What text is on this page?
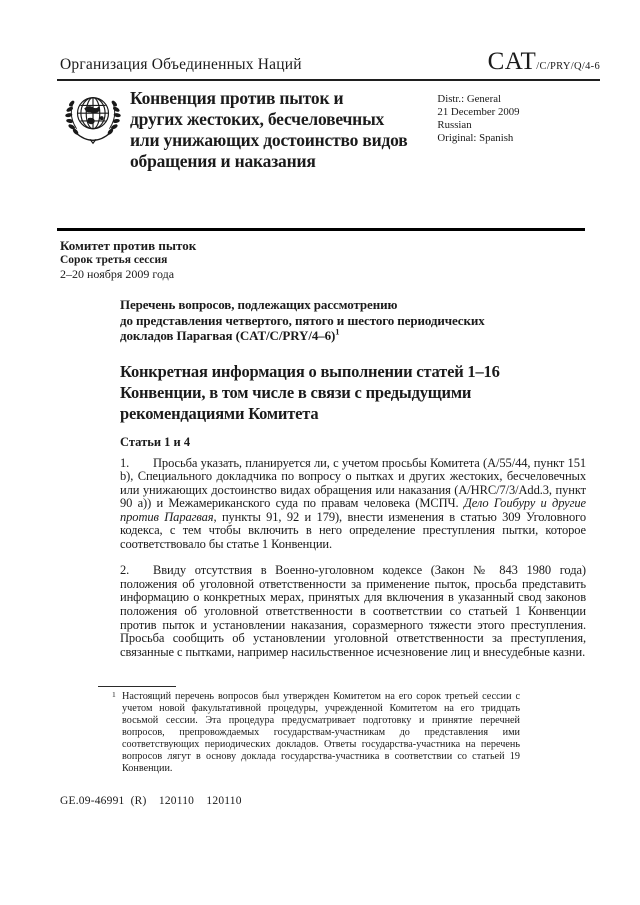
Организация Объединенных Наций	CAT/C/PRY/Q/4-6
Конвенция против пыток и
других жестоких, бесчеловечных
или унижающих достоинство видов
обращения и наказания
Distr.: General
21 December 2009
Russian
Original: Spanish
Комитет против пыток
Сорок третья сессия
2–20 ноября 2009 года
Перечень вопросов, подлежащих рассмотрению
до представления четвертого, пятого и шестого периодических
докладов Парагвая (CAT/C/PRY/4–6)$^1$
Конкретная информация о выполнении статей 1–16
Конвенции, в том числе в связи с предыдущими
рекомендациями Комитета
Статьи 1 и 4

1. Просьба указать, планируется ли, с учетом просьбы Комитета (A/55/44, пункт 151 b), Специального докладчика по вопросу о пытках и других жестоких, бесчеловечных или унижающих достоинство видах обращения или наказания (A/HRC/7/3/Add.3, пункт 90 a)) и Межамериканского суда по правам человека (МСПЧ. Дело Гоибуру и другие против Парагвая, пункты 91, 92 и 179), внести изменения в статью 309 Уголовного кодекса, с тем чтобы включить в него определение преступления пытки, которое соответствовало бы статье 1 Конвенции.

2. Ввиду отсутствия в Военно-уголовном кодексе (Закон № 843 1980 года) положения об уголовной ответственности за применение пыток, просьба представить информацию о конкретных мерах, принятых для включения в указанный свод законов положения об уголовной ответственности в соответствии со статьей 1 Конвенции против пыток и установлении наказания, соразмерного тяжести этого преступления. Просьба сообщить об установлении уголовной ответственности за преступления, связанные с пытками, например насильственное исчезновение лиц и внесудебные казни.

1 Настоящий перечень вопросов был утвержден Комитетом на его сорок третьей сессии с учетом новой факультативной процедуры, учрежденной Комитетом на его тридцать восьмой сессии. Эта процедура предусматривает подготовку и принятие перечней вопросов, препровождаемых государствам-участникам до представления ими соответствующих периодических докладов. Ответы государства-участника на перечень вопросов лягут в основу доклада государства-участника в соответствии со статьей 19 Конвенции.
GE.09-46991  (R)    120110    120110
